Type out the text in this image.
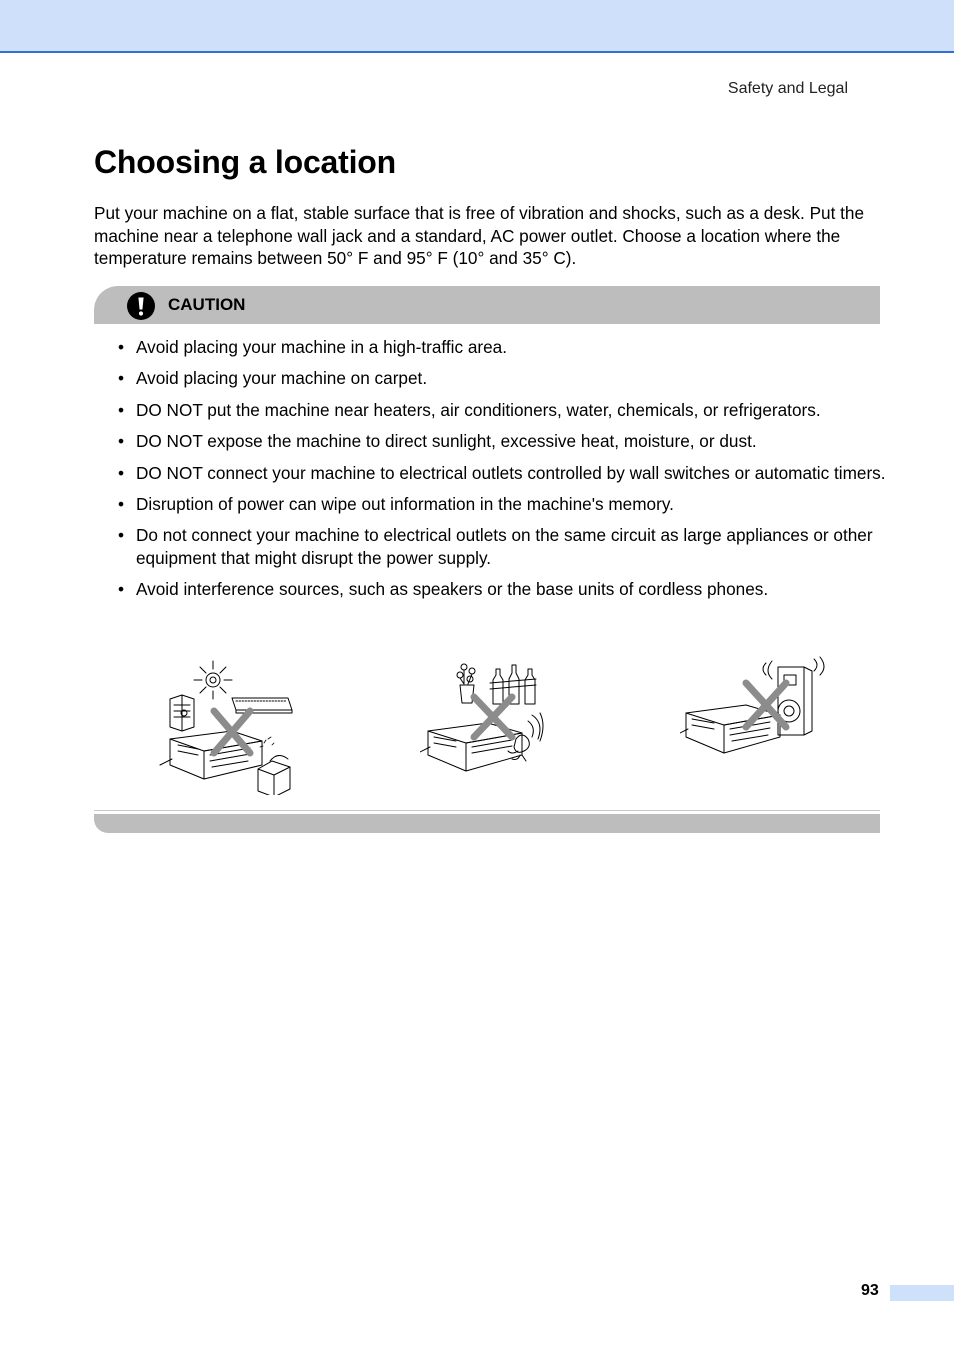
Safety and Legal
Choosing a location

Put your machine on a flat, stable surface that is free of vibration and shocks, such as a desk. Put the machine near a telephone wall jack and a standard, AC power outlet. Choose a location where the temperature remains between 50° F and 95° F (10° and 35° C).

CAUTION
• Avoid placing your machine in a high-traffic area.
• Avoid placing your machine on carpet.
• DO NOT put the machine near heaters, air conditioners, water, chemicals, or refrigerators.
• DO NOT expose the machine to direct sunlight, excessive heat, moisture, or dust.
• DO NOT connect your machine to electrical outlets controlled by wall switches or automatic timers.
• Disruption of power can wipe out information in the machine's memory.
• Do not connect your machine to electrical outlets on the same circuit as large appliances or other equipment that might disrupt the power supply.
• Avoid interference sources, such as speakers or the base units of cordless phones.
93
